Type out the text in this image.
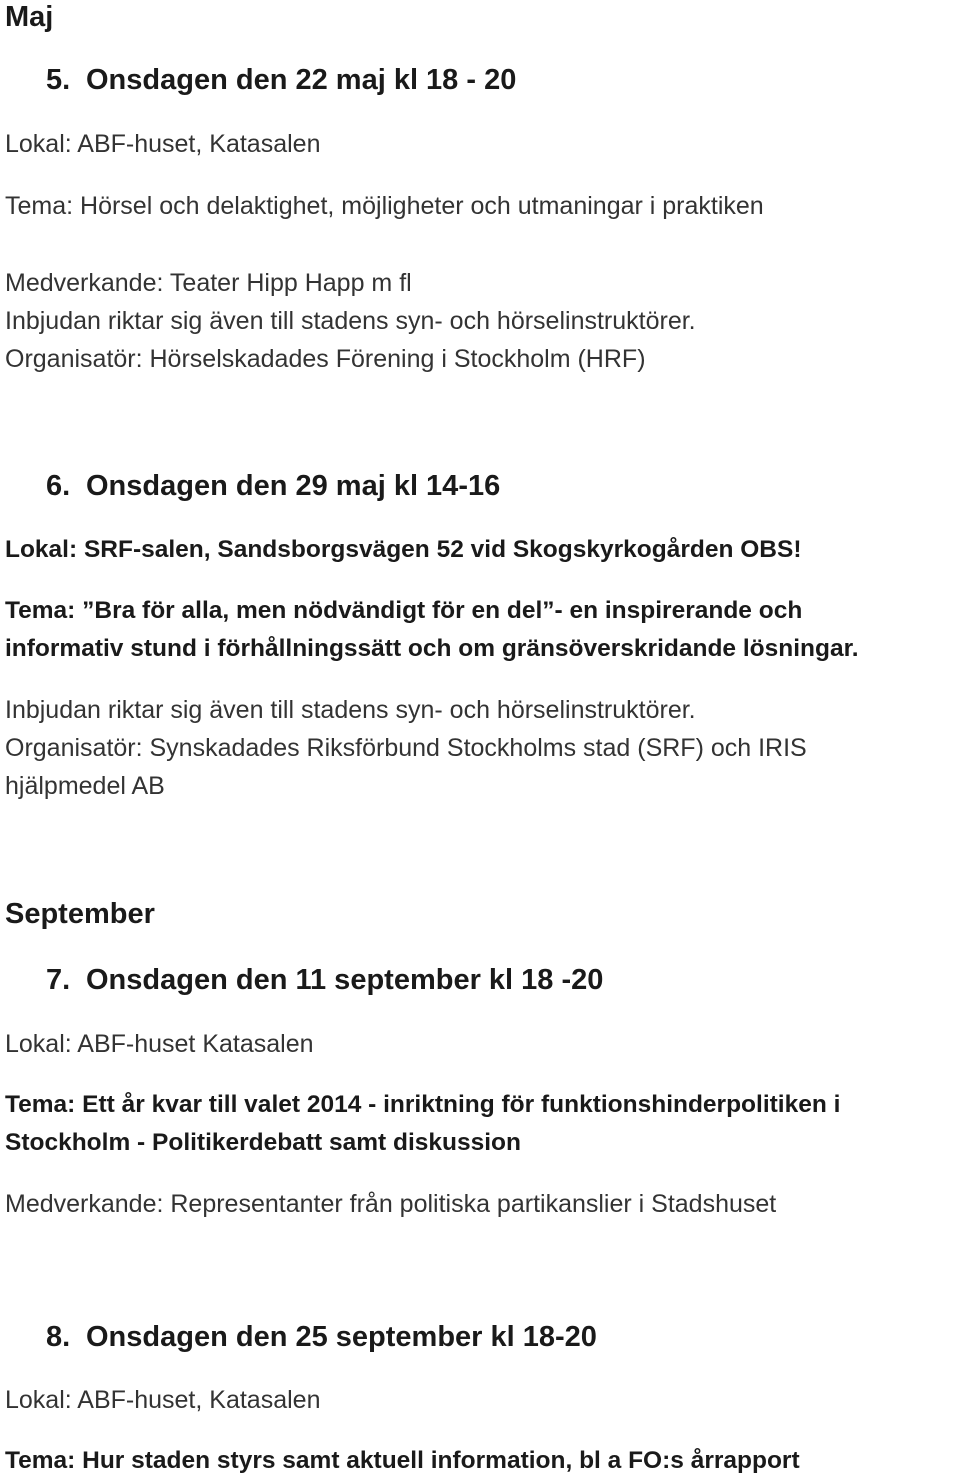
Maj
5. Onsdagen den 22 maj kl 18 - 20
Lokal: ABF-huset, Katasalen
Tema: Hörsel och delaktighet, möjligheter och utmaningar i praktiken
Medverkande: Teater Hipp Happ m fl
Inbjudan riktar sig även till stadens syn- och hörselinstruktörer.
Organisatör: Hörselskadades Förening i Stockholm (HRF)
6. Onsdagen den 29 maj kl 14-16
Lokal: SRF-salen, Sandsborgsvägen 52 vid Skogskyrkogården OBS!
Tema: ”Bra för alla, men nödvändigt för en del”- en inspirerande och
informativ stund i förhållningssätt och om gränsöverskridande lösningar.
Inbjudan riktar sig även till stadens syn- och hörselinstruktörer.
Organisatör: Synskadades Riksförbund Stockholms stad (SRF) och IRIS
hjälpmedel AB
September
7. Onsdagen den 11 september kl 18 -20
Lokal: ABF-huset Katasalen
Tema: Ett år kvar till valet 2014 - inriktning för funktionshinderpolitiken i
Stockholm - Politikerdebatt samt diskussion
Medverkande: Representanter från politiska partikanslier i Stadshuset
8. Onsdagen den 25 september kl 18-20
Lokal: ABF-huset, Katasalen
Tema: Hur staden styrs samt aktuell information, bl a FO:s årrapport
